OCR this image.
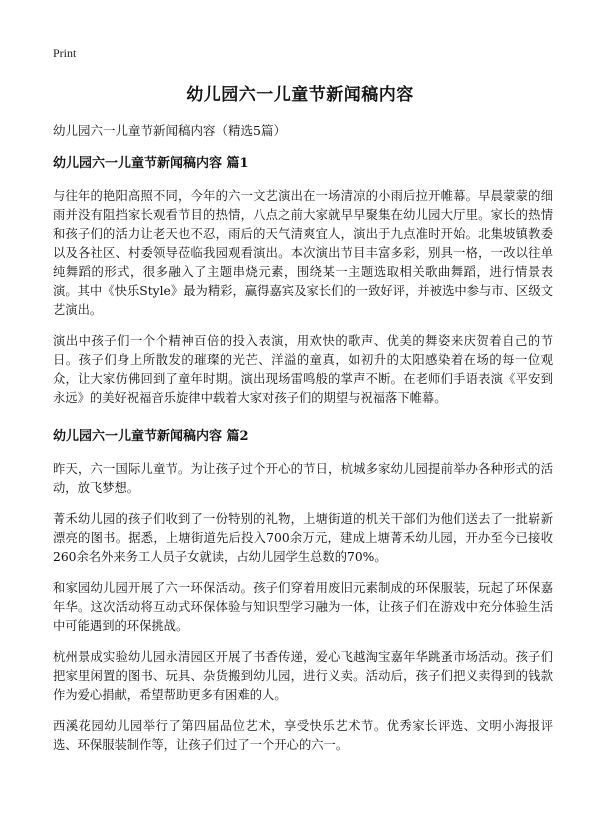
Print
幼儿园六一儿童节新闻稿内容

幼儿园六一儿童节新闻稿内容（精选5篇）

幼儿园六一儿童节新闻稿内容 篇1

与往年的艳阳高照不同，今年的六一文艺演出在一场清凉的小雨后拉开帷幕。早晨蒙蒙的细雨并没有阻挡家长观看节目的热情，八点之前大家就早早聚集在幼儿园大厅里。家长的热情和孩子们的活力让老天也不忍，雨后的天气清爽宜人，演出于九点准时开始。北集坡镇教委以及各社区、村委领导莅临我园观看演出。本次演出节目丰富多彩，别具一格，一改以往单纯舞蹈的形式，很多融入了主题串烧元素，围绕某一主题选取相关歌曲舞蹈，进行情景表演。其中《快乐Style》最为精彩，赢得嘉宾及家长们的一致好评，并被选中参与市、区级文艺演出。

演出中孩子们一个个精神百倍的投入表演，用欢快的歌声、优美的舞姿来庆贺着自己的节日。孩子们身上所散发的璀璨的光芒、洋溢的童真，如初升的太阳感染着在场的每一位观众，让大家仿佛回到了童年时期。演出现场雷鸣般的掌声不断。在老师们手语表演《平安到永远》的美好祝福音乐旋律中载着大家对孩子们的期望与祝福落下帷幕。

幼儿园六一儿童节新闻稿内容 篇2

昨天，六一国际儿童节。为让孩子过个开心的节日，杭城多家幼儿园提前举办各种形式的活动，放飞梦想。

菁禾幼儿园的孩子们收到了一份特别的礼物，上塘街道的机关干部们为他们送去了一批崭新漂亮的图书。据悉，上塘街道先后投入700余万元，建成上塘菁禾幼儿园，开办至今已接收260余名外来务工人员子女就读，占幼儿园学生总数的70%。

和家园幼儿园开展了六一环保活动。孩子们穿着用废旧元素制成的环保服装，玩起了环保嘉年华。这次活动将互动式环保体验与知识型学习融为一体，让孩子们在游戏中充分体验生活中可能遇到的环保挑战。

杭州景成实验幼儿园永清园区开展了书香传递，爱心飞越淘宝嘉年华跳蚤市场活动。孩子们把家里闲置的图书、玩具、杂货搬到幼儿园，进行义卖。活动后，孩子们把义卖得到的钱款作为爱心捐献，希望帮助更多有困难的人。

西溪花园幼儿园举行了第四届品位艺术，享受快乐艺术节。优秀家长评选、文明小海报评选、环保服装制作等，让孩子们过了一个开心的六一。
